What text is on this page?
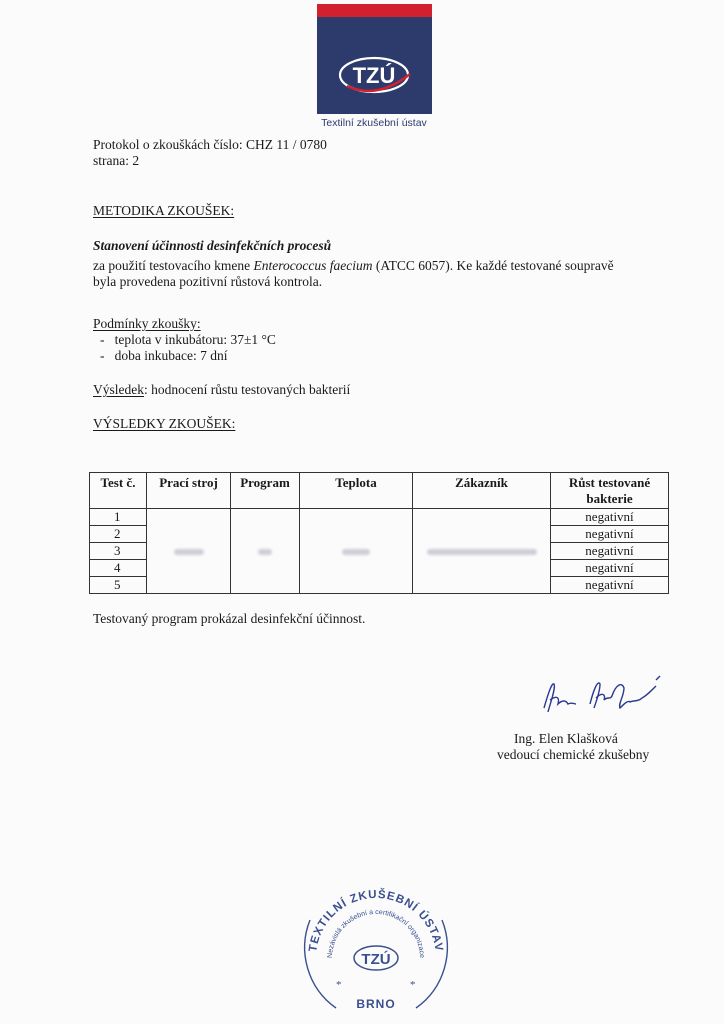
TZÚ
Textilní zkušební ústav
Protokol o zkouškách číslo: CHZ 11 / 0780
strana: 2
METODIKA ZKOUŠEK:
Stanovení účinnosti desinfekčních procesů
za použití testovacího kmene Enterococcus faecium (ATCC 6057). Ke každé testované soupravě
byla provedena pozitivní růstová kontrola.
Podmínky zkoušky:
-   teplota v inkubátoru: 37±1 °C
-   doba inkubace: 7 dní
Výsledek: hodnocení růstu testovaných bakterií
VÝSLEDKY ZKOUŠEK:
Test č.	Prací stroj	Program	Teplota	Zákazník	Růst testované bakterie
1					negativní
2					negativní
3					negativní
4					negativní
5					negativní
Testovaný program prokázal desinfekční účinnost.
Ing. Elen Klašková
vedoucí chemické zkušebny
TEXTILNÍ ZKUŠEBNÍ ÚSTAV
Nezávislá zkušební a certifikační organizace
TZÚ
*	*
BRNO
